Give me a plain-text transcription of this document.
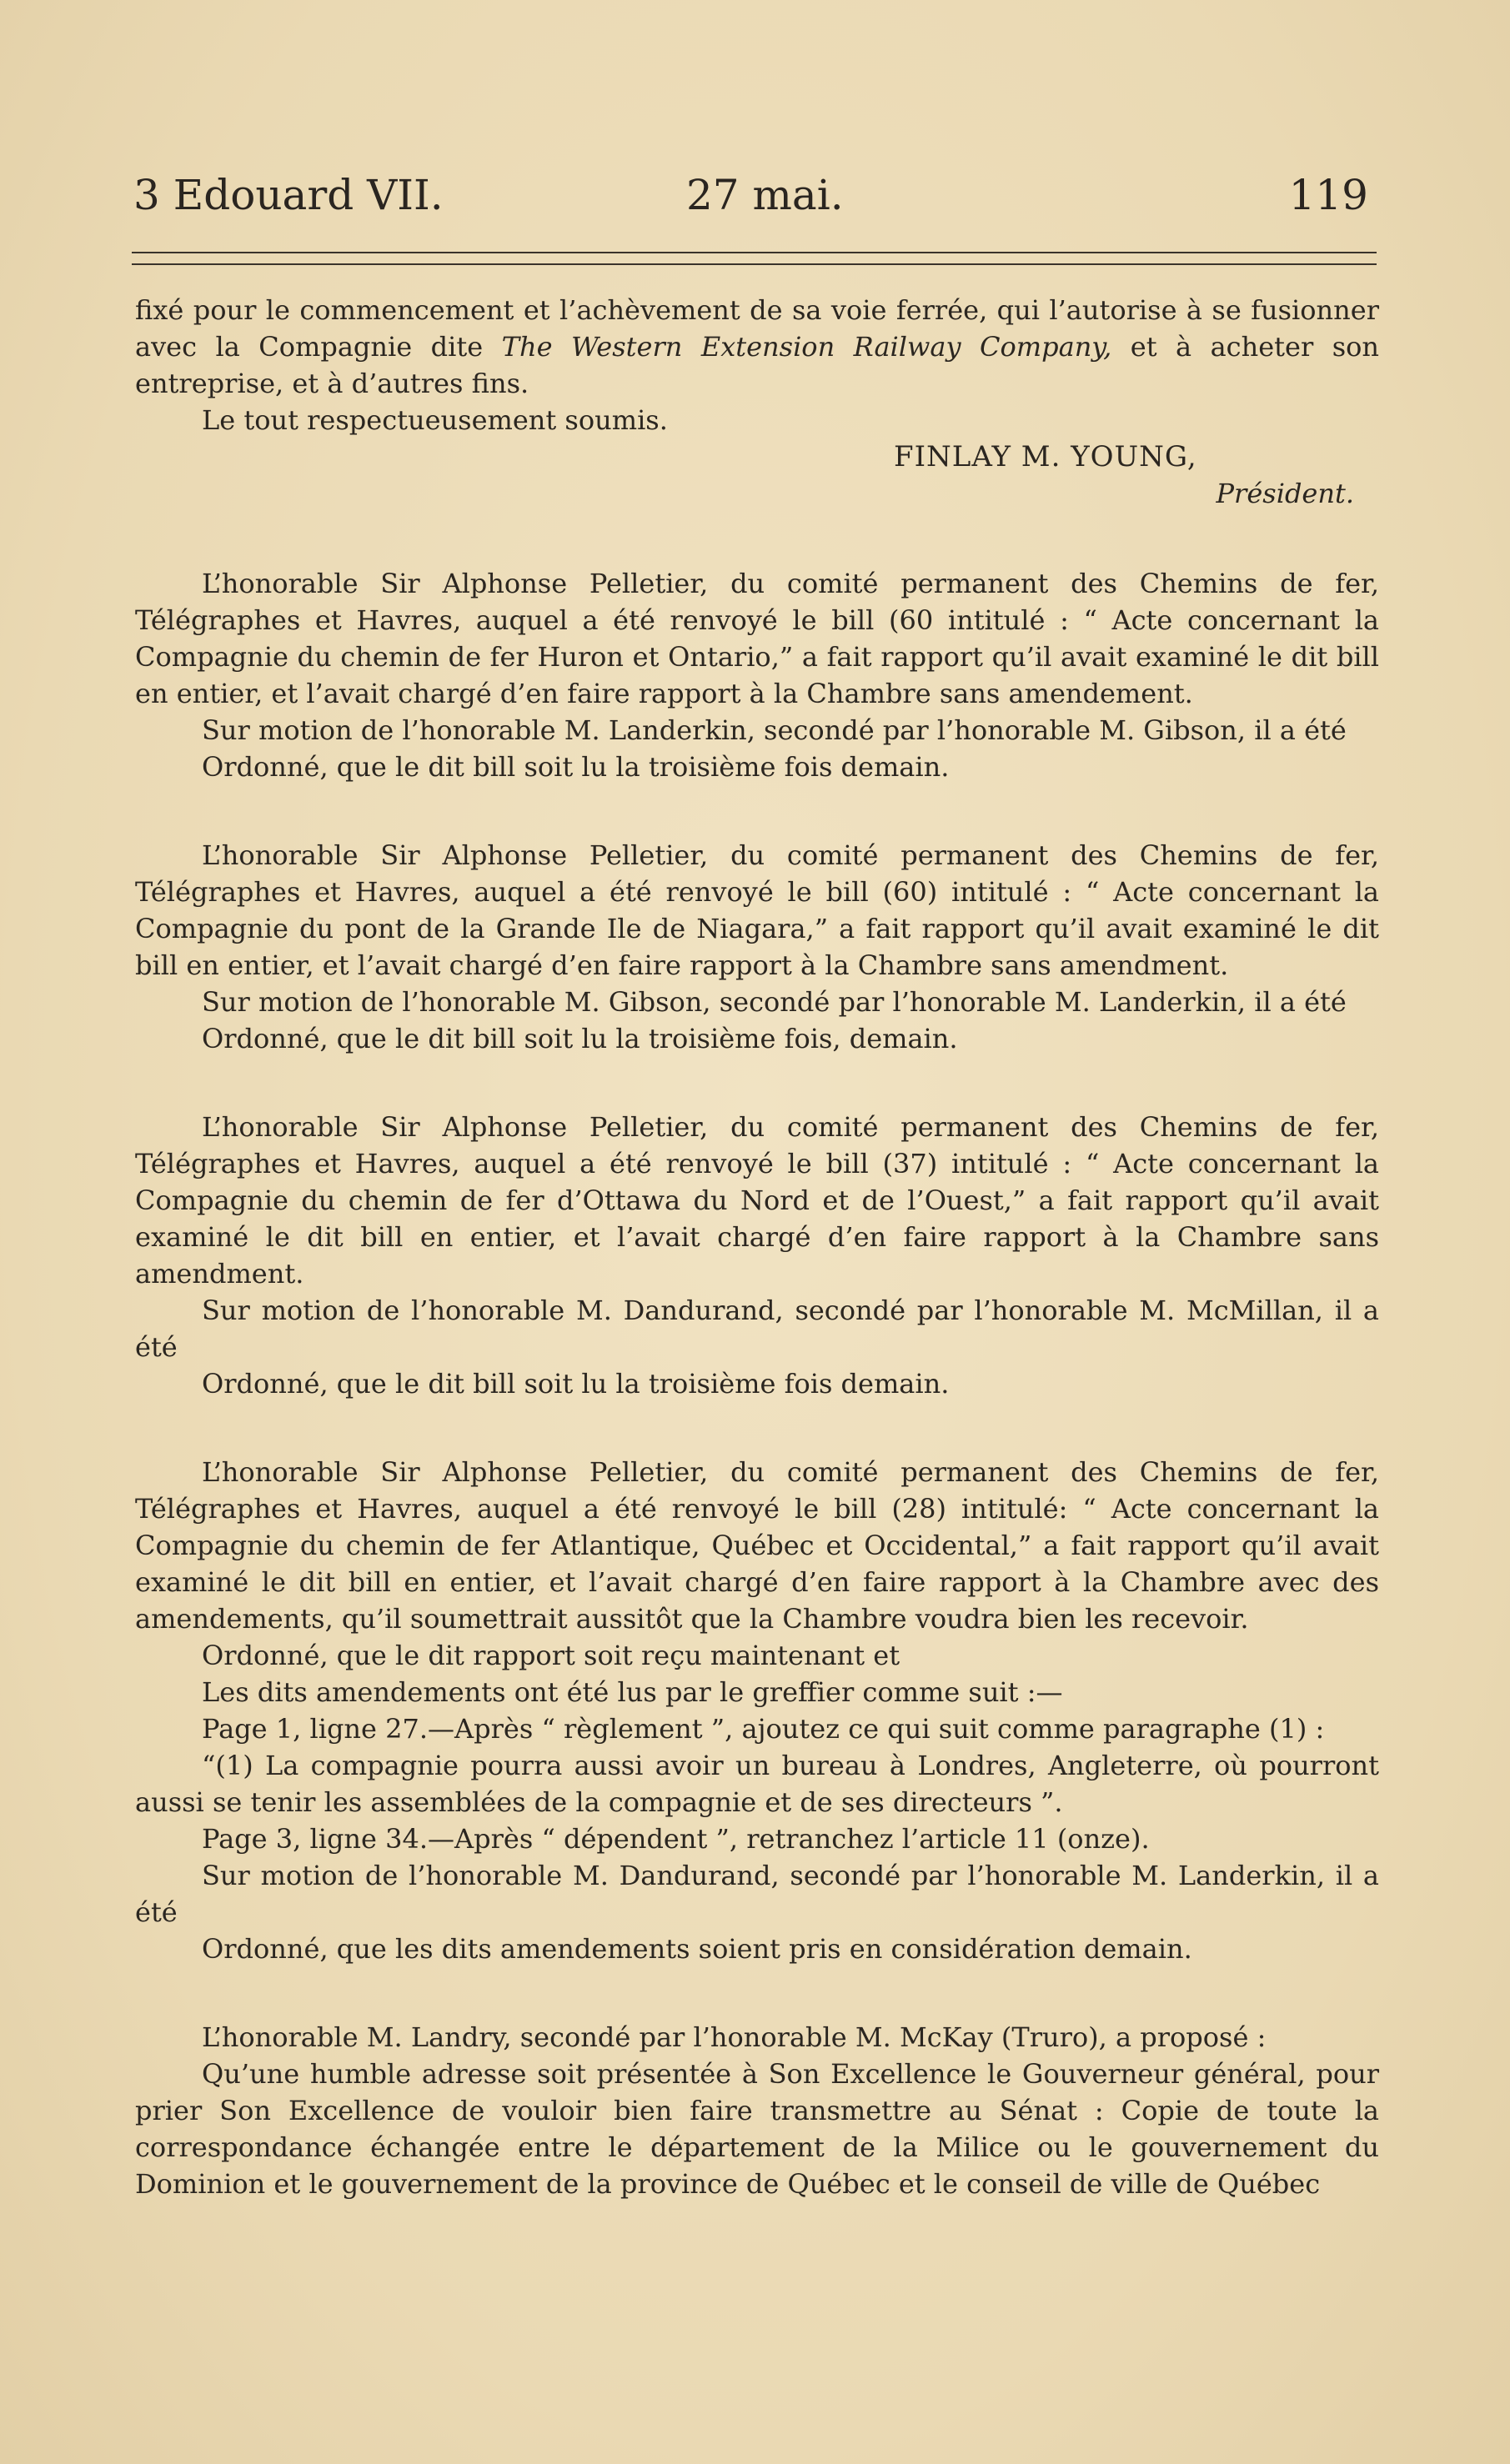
3 Edouard VII.	27 mai.	119

fixé pour le commencement et l’achèvement de sa voie ferrée, qui l’autorise à se fusionner avec la Compagnie dite The Western Extension Railway Company, et à acheter son entreprise, et à d’autres fins.

Le tout respectueusement soumis.

FINLAY M. YOUNG,
Président.

L’honorable Sir Alphonse Pelletier, du comité permanent des Chemins de fer, Télégraphes et Havres, auquel a été renvoyé le bill (60 intitulé : “ Acte concernant la Compagnie du chemin de fer Huron et Ontario,” a fait rapport qu’il avait examiné le dit bill en entier, et l’avait chargé d’en faire rapport à la Chambre sans amendement.

Sur motion de l’honorable M. Landerkin, secondé par l’honorable M. Gibson, il a été

Ordonné, que le dit bill soit lu la troisième fois demain.

L’honorable Sir Alphonse Pelletier, du comité permanent des Chemins de fer, Télégraphes et Havres, auquel a été renvoyé le bill (60) intitulé : “ Acte concernant la Compagnie du pont de la Grande Ile de Niagara,” a fait rapport qu’il avait examiné le dit bill en entier, et l’avait chargé d’en faire rapport à la Chambre sans amendment.

Sur motion de l’honorable M. Gibson, secondé par l’honorable M. Landerkin, il a été

Ordonné, que le dit bill soit lu la troisième fois, demain.

L’honorable Sir Alphonse Pelletier, du comité permanent des Chemins de fer, Télégraphes et Havres, auquel a été renvoyé le bill (37) intitulé : “ Acte concernant la Compagnie du chemin de fer d’Ottawa du Nord et de l’Ouest,” a fait rapport qu’il avait examiné le dit bill en entier, et l’avait chargé d’en faire rapport à la Chambre sans amendment.

Sur motion de l’honorable M. Dandurand, secondé par l’honorable M. McMillan, il a été

Ordonné, que le dit bill soit lu la troisième fois demain.

L’honorable Sir Alphonse Pelletier, du comité permanent des Chemins de fer, Télégraphes et Havres, auquel a été renvoyé le bill (28) intitulé: “ Acte concernant la Compagnie du chemin de fer Atlantique, Québec et Occidental,” a fait rapport qu’il avait examiné le dit bill en entier, et l’avait chargé d’en faire rapport à la Chambre avec des amendements, qu’il soumettrait aussitôt que la Chambre voudra bien les recevoir.

Ordonné, que le dit rapport soit reçu maintenant et

Les dits amendements ont été lus par le greffier comme suit :—

Page 1, ligne 27.—Après “ règlement ”, ajoutez ce qui suit comme paragraphe (1) :

“(1) La compagnie pourra aussi avoir un bureau à Londres, Angleterre, où pourront aussi se tenir les assemblées de la compagnie et de ses directeurs ”.

Page 3, ligne 34.—Après “ dépendent ”, retranchez l’article 11 (onze).

Sur motion de l’honorable M. Dandurand, secondé par l’honorable M. Landerkin, il a été

Ordonné, que les dits amendements soient pris en considération demain.

L’honorable M. Landry, secondé par l’honorable M. McKay (Truro), a proposé :

Qu’une humble adresse soit présentée à Son Excellence le Gouverneur général, pour prier Son Excellence de vouloir bien faire transmettre au Sénat : Copie de toute la correspondance échangée entre le département de la Milice ou le gouvernement du Dominion et le gouvernement de la province de Québec et le conseil de ville de Québec
